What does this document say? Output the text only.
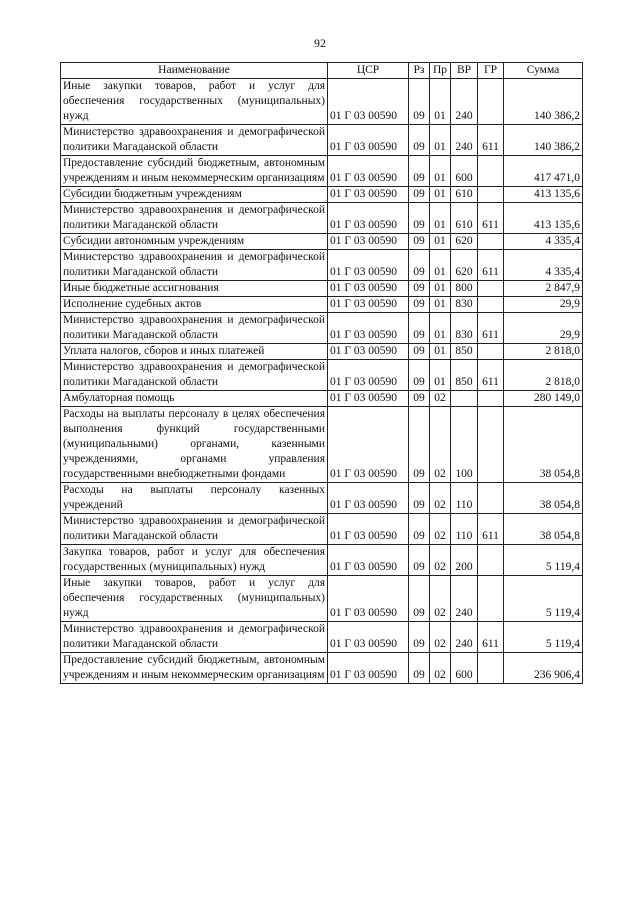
92
Наименование	ЦСР	Рз	Пр	ВР	ГР	Сумма
Иные закупки товаров, работ и услуг для обеспечения государственных (муниципальных) нужд	01 Г 03 00590	09	01	240		140 386,2
Министерство здравоохранения и демографической политики Магаданской области	01 Г 03 00590	09	01	240	611	140 386,2
Предоставление субсидий бюджетным, автономным учреждениям и иным некоммерческим организациям	01 Г 03 00590	09	01	600		417 471,0
Субсидии бюджетным учреждениям	01 Г 03 00590	09	01	610		413 135,6
Министерство здравоохранения и демографической политики Магаданской области	01 Г 03 00590	09	01	610	611	413 135,6
Субсидии автономным учреждениям	01 Г 03 00590	09	01	620		4 335,4
Министерство здравоохранения и демографической политики Магаданской области	01 Г 03 00590	09	01	620	611	4 335,4
Иные бюджетные ассигнования	01 Г 03 00590	09	01	800		2 847,9
Исполнение судебных актов	01 Г 03 00590	09	01	830		29,9
Министерство здравоохранения и демографической политики Магаданской области	01 Г 03 00590	09	01	830	611	29,9
Уплата налогов, сборов и иных платежей	01 Г 03 00590	09	01	850		2 818,0
Министерство здравоохранения и демографической политики Магаданской области	01 Г 03 00590	09	01	850	611	2 818,0
Амбулаторная помощь	01 Г 03 00590	09	02			280 149,0
Расходы на выплаты персоналу в целях обеспечения выполнения функций государственными (муниципальными) органами, казенными учреждениями, органами управления государственными внебюджетными фондами	01 Г 03 00590	09	02	100		38 054,8
Расходы на выплаты персоналу казенных учреждений	01 Г 03 00590	09	02	110		38 054,8
Министерство здравоохранения и демографической политики Магаданской области	01 Г 03 00590	09	02	110	611	38 054,8
Закупка товаров, работ и услуг для обеспечения государственных (муниципальных) нужд	01 Г 03 00590	09	02	200		5 119,4
Иные закупки товаров, работ и услуг для обеспечения государственных (муниципальных) нужд	01 Г 03 00590	09	02	240		5 119,4
Министерство здравоохранения и демографической политики Магаданской области	01 Г 03 00590	09	02	240	611	5 119,4
Предоставление субсидий бюджетным, автономным учреждениям и иным некоммерческим организациям	01 Г 03 00590	09	02	600		236 906,4
